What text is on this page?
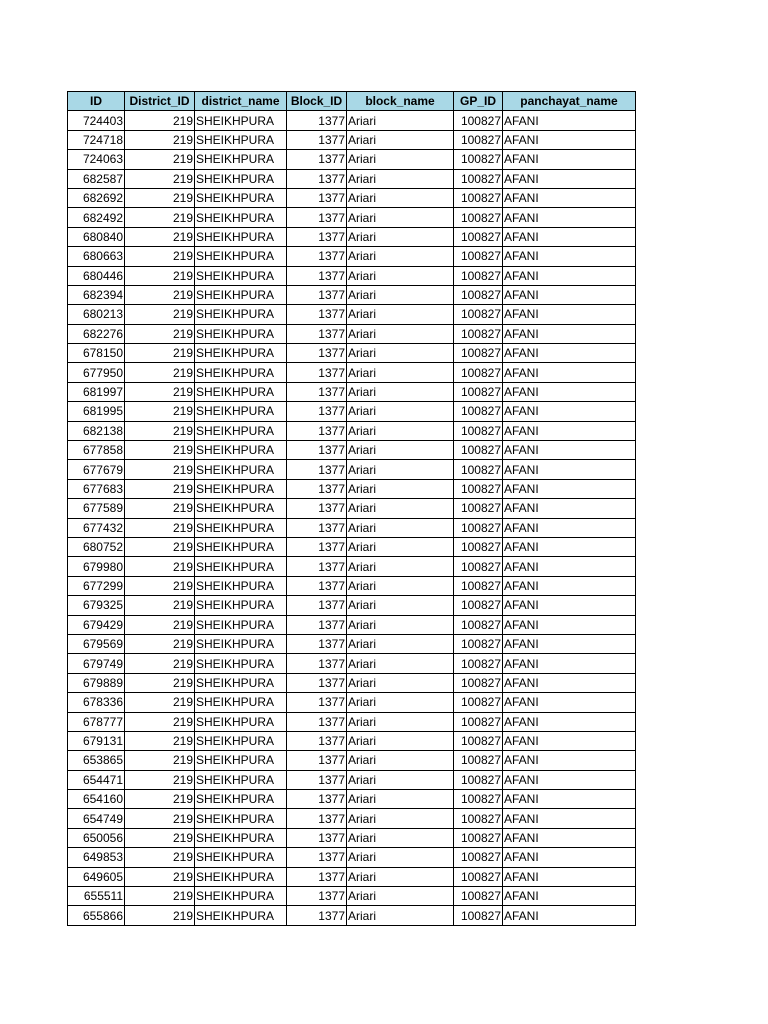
ID	District_ID	district_name	Block_ID	block_name	GP_ID	panchayat_name
724403	219	SHEIKHPURA	1377	Ariari	100827	AFANI
724718	219	SHEIKHPURA	1377	Ariari	100827	AFANI
724063	219	SHEIKHPURA	1377	Ariari	100827	AFANI
682587	219	SHEIKHPURA	1377	Ariari	100827	AFANI
682692	219	SHEIKHPURA	1377	Ariari	100827	AFANI
682492	219	SHEIKHPURA	1377	Ariari	100827	AFANI
680840	219	SHEIKHPURA	1377	Ariari	100827	AFANI
680663	219	SHEIKHPURA	1377	Ariari	100827	AFANI
680446	219	SHEIKHPURA	1377	Ariari	100827	AFANI
682394	219	SHEIKHPURA	1377	Ariari	100827	AFANI
680213	219	SHEIKHPURA	1377	Ariari	100827	AFANI
682276	219	SHEIKHPURA	1377	Ariari	100827	AFANI
678150	219	SHEIKHPURA	1377	Ariari	100827	AFANI
677950	219	SHEIKHPURA	1377	Ariari	100827	AFANI
681997	219	SHEIKHPURA	1377	Ariari	100827	AFANI
681995	219	SHEIKHPURA	1377	Ariari	100827	AFANI
682138	219	SHEIKHPURA	1377	Ariari	100827	AFANI
677858	219	SHEIKHPURA	1377	Ariari	100827	AFANI
677679	219	SHEIKHPURA	1377	Ariari	100827	AFANI
677683	219	SHEIKHPURA	1377	Ariari	100827	AFANI
677589	219	SHEIKHPURA	1377	Ariari	100827	AFANI
677432	219	SHEIKHPURA	1377	Ariari	100827	AFANI
680752	219	SHEIKHPURA	1377	Ariari	100827	AFANI
679980	219	SHEIKHPURA	1377	Ariari	100827	AFANI
677299	219	SHEIKHPURA	1377	Ariari	100827	AFANI
679325	219	SHEIKHPURA	1377	Ariari	100827	AFANI
679429	219	SHEIKHPURA	1377	Ariari	100827	AFANI
679569	219	SHEIKHPURA	1377	Ariari	100827	AFANI
679749	219	SHEIKHPURA	1377	Ariari	100827	AFANI
679889	219	SHEIKHPURA	1377	Ariari	100827	AFANI
678336	219	SHEIKHPURA	1377	Ariari	100827	AFANI
678777	219	SHEIKHPURA	1377	Ariari	100827	AFANI
679131	219	SHEIKHPURA	1377	Ariari	100827	AFANI
653865	219	SHEIKHPURA	1377	Ariari	100827	AFANI
654471	219	SHEIKHPURA	1377	Ariari	100827	AFANI
654160	219	SHEIKHPURA	1377	Ariari	100827	AFANI
654749	219	SHEIKHPURA	1377	Ariari	100827	AFANI
650056	219	SHEIKHPURA	1377	Ariari	100827	AFANI
649853	219	SHEIKHPURA	1377	Ariari	100827	AFANI
649605	219	SHEIKHPURA	1377	Ariari	100827	AFANI
655511	219	SHEIKHPURA	1377	Ariari	100827	AFANI
655866	219	SHEIKHPURA	1377	Ariari	100827	AFANI
